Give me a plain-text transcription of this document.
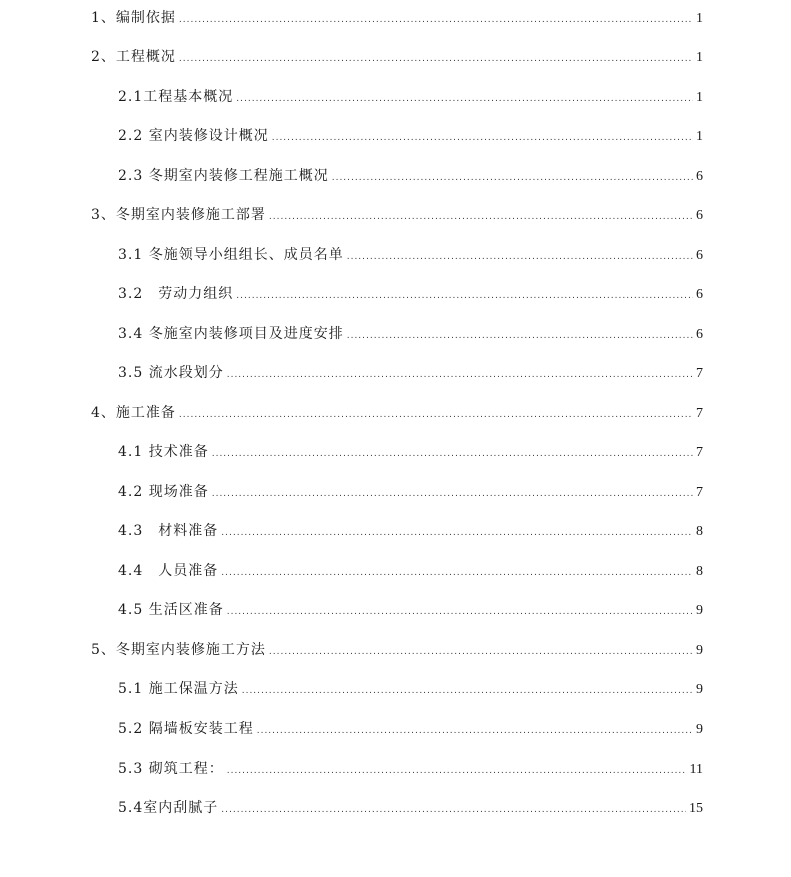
1、编制依据 .....	1
2、工程概况 .....	1
2.1工程基本概况 .....	1
2.2 室内装修设计概况 .....	1
2.3 冬期室内装修工程施工概况 .....	6
3、冬期室内装修施工部署 .....	6
3.1 冬施领导小组组长、成员名单 .....	6
3.2　劳动力组织 .....	6
3.4 冬施室内装修项目及进度安排 .....	6
3.5 流水段划分 .....	7
4、施工准备 .....	7
4.1 技术准备 .....	7
4.2 现场准备 .....	7
4.3　材料准备 .....	8
4.4　人员准备 .....	8
4.5 生活区准备 .....	9
5、冬期室内装修施工方法 .....	9
5.1 施工保温方法 .....	9
5.2 隔墙板安装工程 .....	9
5.3 砌筑工程： .....	11
5.4室内刮腻子 .....	15
